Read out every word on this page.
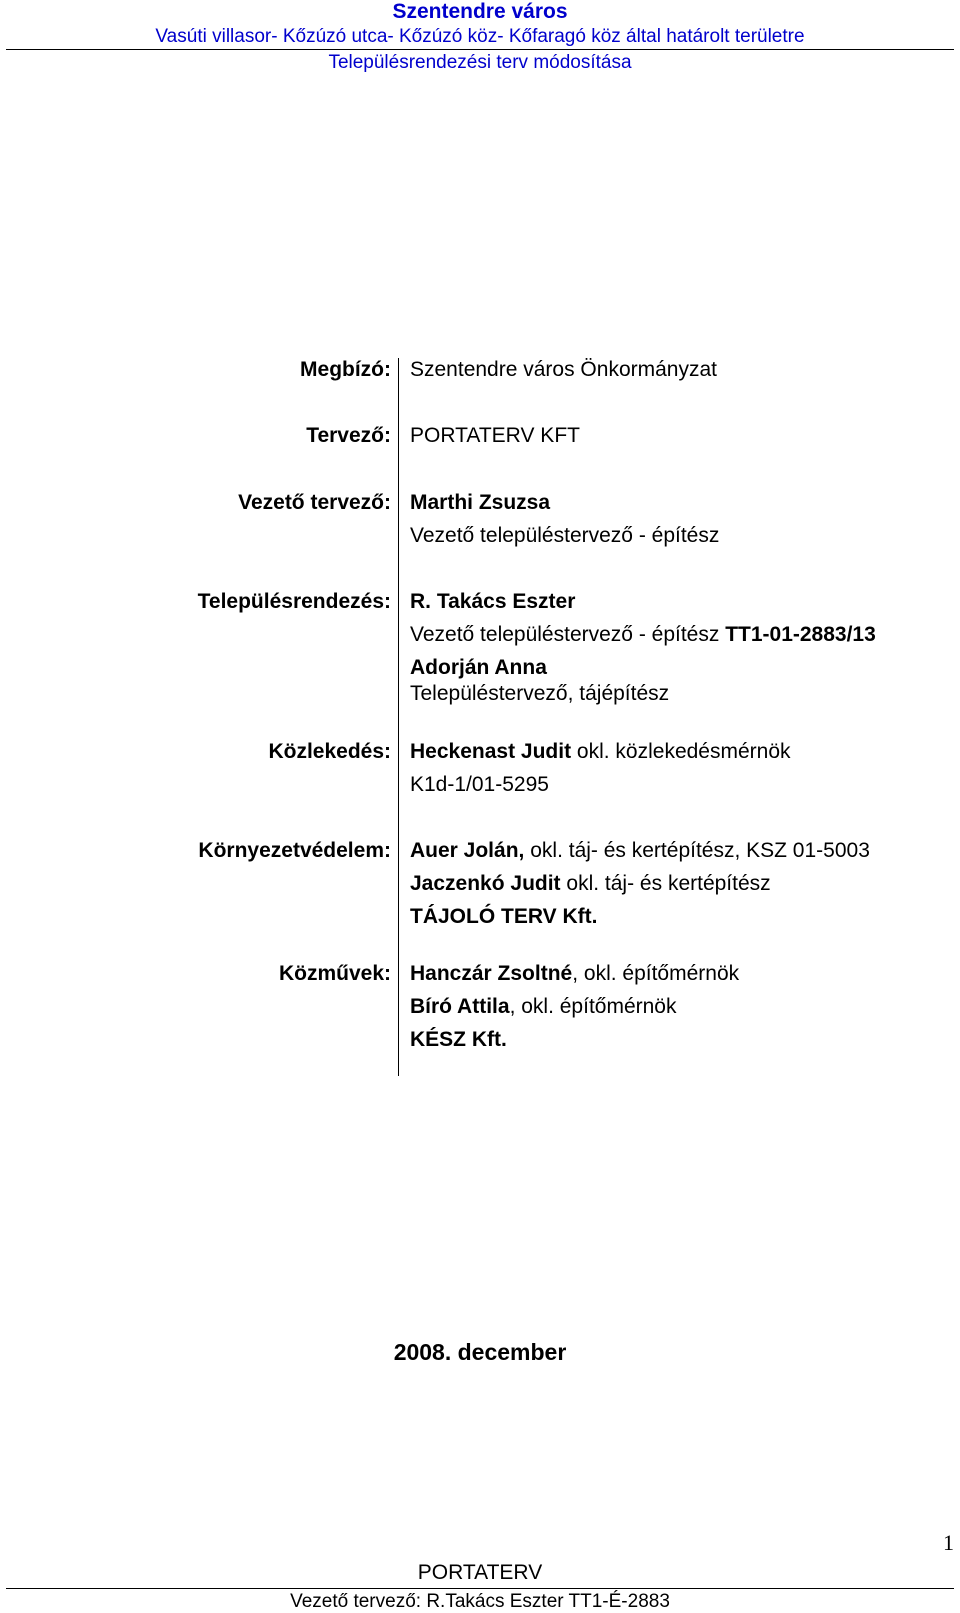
Szentendre város
Vasúti villasor- Kőzúzó utca- Kőzúzó köz- Kőfaragó köz által határolt területre
Településrendezési terv módosítása
Megbízó: Szentendre város Önkormányzat
Tervező: PORTATERV KFT
Vezető tervező: Marthi Zsuzsa
Vezető településtervező - építész
Településrendezés: R. Takács Eszter
Vezető településtervező - építész TT1-01-2883/13
Adorján Anna
Településtervező, tájépítész
Közlekedés: Heckenast Judit okl. közlekedésmérnök
K1d-1/01-5295
Környezetvédelem: Auer Jolán, okl. táj- és kertépítész, KSZ 01-5003
Jaczenkó Judit okl. táj- és kertépítész
TÁJOLÓ TERV Kft.
Közművek: Hanczár Zsoltné, okl. építőmérnök
Bíró Attila, okl. építőmérnök
KÉSZ Kft.
2008. december
1
PORTATERV
Vezető tervező: R.Takács Eszter TT1-É-2883
